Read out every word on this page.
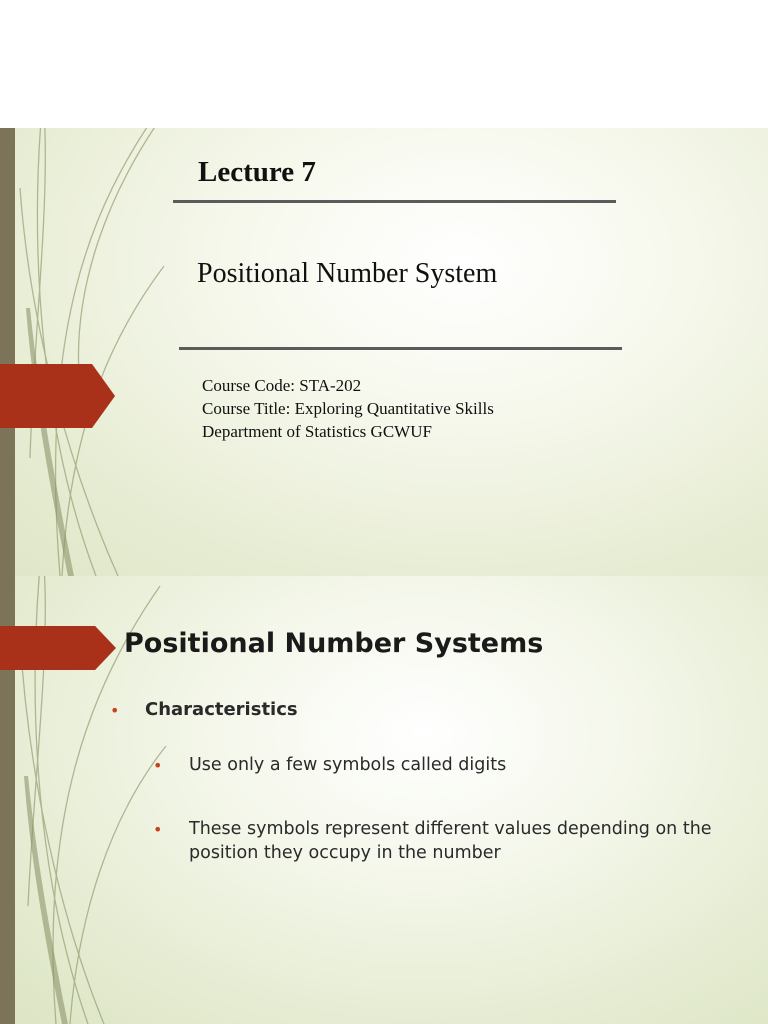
Lecture 7
Positional Number System
Course Code: STA-202
Course Title: Exploring Quantitative Skills
Department of Statistics GCWUF
Positional Number Systems
• Characteristics
• Use only a few symbols called digits
• These symbols represent different values depending on the position they occupy in the number
